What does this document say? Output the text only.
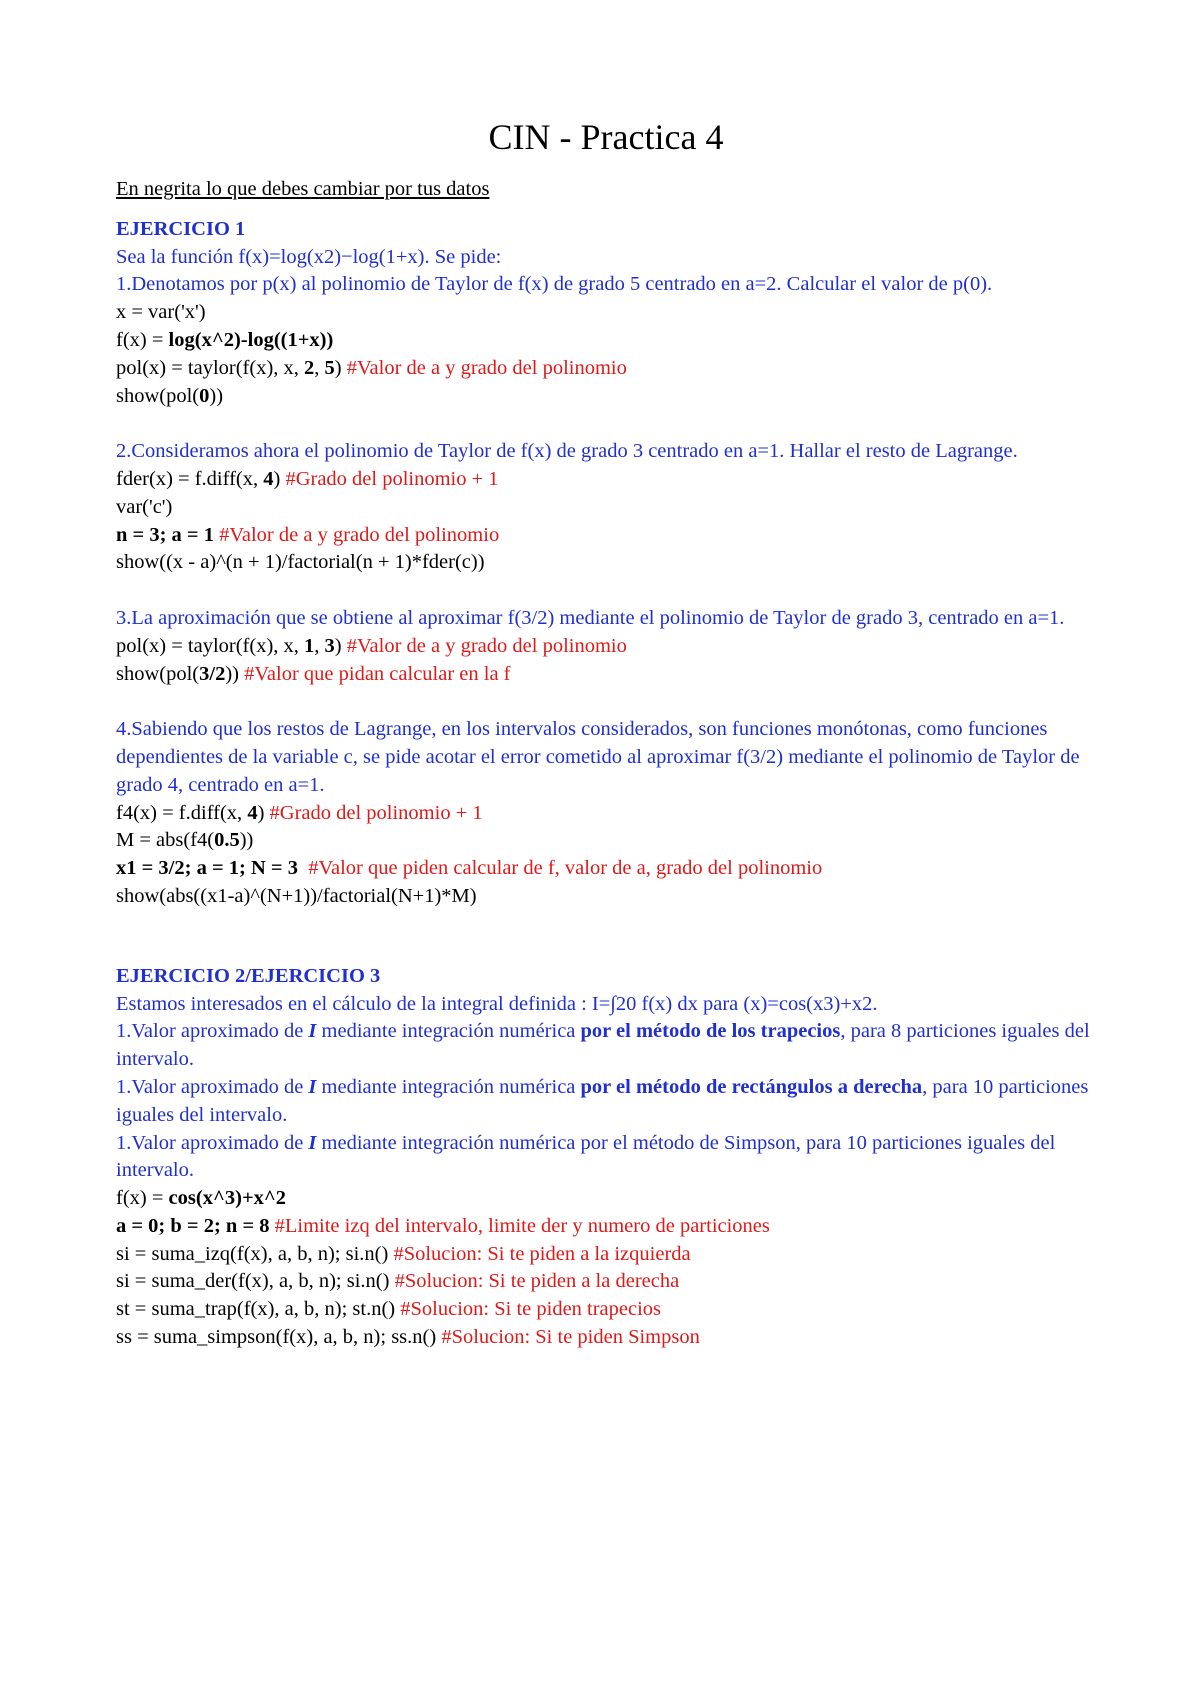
CIN - Practica 4

En negrita lo que debes cambiar por tus datos

EJERCICIO 1

Sea la función f(x)=log(x2)−log(1+x). Se pide:

1.Denotamos por p(x) al polinomio de Taylor de f(x) de grado 5 centrado en a=2. Calcular el valor de p(0).

x = var('x')

f(x) = log(x^2)-log((1+x))

pol(x) = taylor(f(x), x, 2, 5) #Valor de a y grado del polinomio

show(pol(0))

2.Consideramos ahora el polinomio de Taylor de f(x) de grado 3 centrado en a=1. Hallar el resto de Lagrange.

fder(x) = f.diff(x, 4) #Grado del polinomio + 1

var('c')

n = 3; a = 1 #Valor de a y grado del polinomio

show((x - a)^(n + 1)/factorial(n + 1)*fder(c))

3.La aproximación que se obtiene al aproximar f(3/2) mediante el polinomio de Taylor de grado 3, centrado en a=1.

pol(x) = taylor(f(x), x, 1, 3) #Valor de a y grado del polinomio

show(pol(3/2)) #Valor que pidan calcular en la f

4.Sabiendo que los restos de Lagrange, en los intervalos considerados, son funciones monótonas, como funciones dependientes de la variable c, se pide acotar el error cometido al aproximar f(3/2) mediante el polinomio de Taylor de grado 4, centrado en a=1.

f4(x) = f.diff(x, 4) #Grado del polinomio + 1

M = abs(f4(0.5))

x1 = 3/2; a = 1; N = 3  #Valor que piden calcular de f, valor de a, grado del polinomio

show(abs((x1-a)^(N+1))/factorial(N+1)*M)

EJERCICIO 2/EJERCICIO 3

Estamos interesados en el cálculo de la integral definida : I=∫20 f(x) dx para (x)=cos(x3)+x2.

1.Valor aproximado de I mediante integración numérica por el método de los trapecios, para 8 particiones iguales del intervalo.

1.Valor aproximado de I mediante integración numérica por el método de rectángulos a derecha, para 10 particiones iguales del intervalo.

1.Valor aproximado de I mediante integración numérica por el método de Simpson, para 10 particiones iguales del intervalo.

f(x) = cos(x^3)+x^2

a = 0; b = 2; n = 8 #Limite izq del intervalo, limite der y numero de particiones

si = suma_izq(f(x), a, b, n); si.n() #Solucion: Si te piden a la izquierda

si = suma_der(f(x), a, b, n); si.n() #Solucion: Si te piden a la derecha

st = suma_trap(f(x), a, b, n); st.n() #Solucion: Si te piden trapecios

ss = suma_simpson(f(x), a, b, n); ss.n() #Solucion: Si te piden Simpson
